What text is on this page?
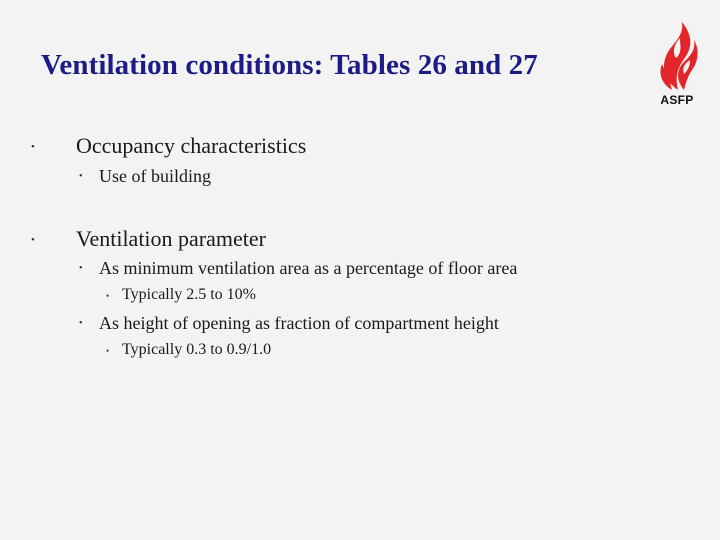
Ventilation conditions: Tables 26 and 27
ASFP
• Occupancy characteristics
• Use of building
• Ventilation parameter
• As minimum ventilation area as a percentage of floor area
• Typically 2.5 to 10%
• As height of opening as fraction of compartment height
• Typically 0.3 to 0.9/1.0
